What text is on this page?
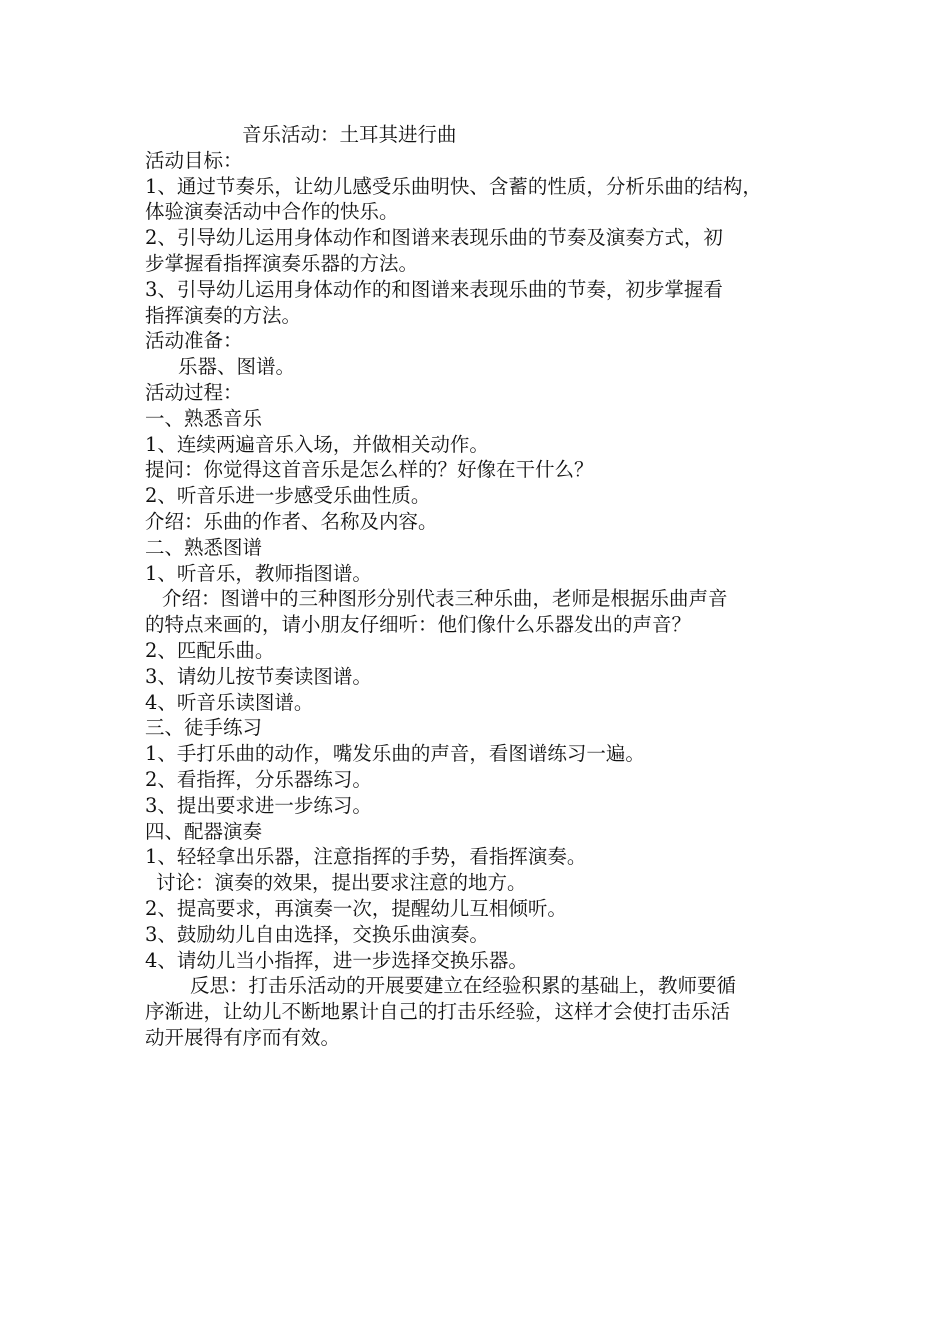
音乐活动：土耳其进行曲
活动目标：
1、通过节奏乐，让幼儿感受乐曲明快、含蓄的性质，分析乐曲的结构，
体验演奏活动中合作的快乐。
2、引导幼儿运用身体动作和图谱来表现乐曲的节奏及演奏方式，初
步掌握看指挥演奏乐器的方法。
3、引导幼儿运用身体动作的和图谱来表现乐曲的节奏，初步掌握看
指挥演奏的方法。
活动准备：
乐器、图谱。
活动过程：
一、熟悉音乐
1、连续两遍音乐入场，并做相关动作。
提问：你觉得这首音乐是怎么样的？好像在干什么？
2、听音乐进一步感受乐曲性质。
介绍：乐曲的作者、名称及内容。
二、熟悉图谱
1、听音乐，教师指图谱。
介绍：图谱中的三种图形分别代表三种乐曲，老师是根据乐曲声音
的特点来画的，请小朋友仔细听：他们像什么乐器发出的声音？
2、匹配乐曲。
3、请幼儿按节奏读图谱。
4、听音乐读图谱。
三、徒手练习
1、手打乐曲的动作，嘴发乐曲的声音，看图谱练习一遍。
2、看指挥，分乐器练习。
3、提出要求进一步练习。
四、配器演奏
1、轻轻拿出乐器，注意指挥的手势，看指挥演奏。
讨论：演奏的效果，提出要求注意的地方。
2、提高要求，再演奏一次，提醒幼儿互相倾听。
3、鼓励幼儿自由选择，交换乐曲演奏。
4、请幼儿当小指挥，进一步选择交换乐器。
反思：打击乐活动的开展要建立在经验积累的基础上，教师要循
序渐进，让幼儿不断地累计自己的打击乐经验，这样才会使打击乐活
动开展得有序而有效。
